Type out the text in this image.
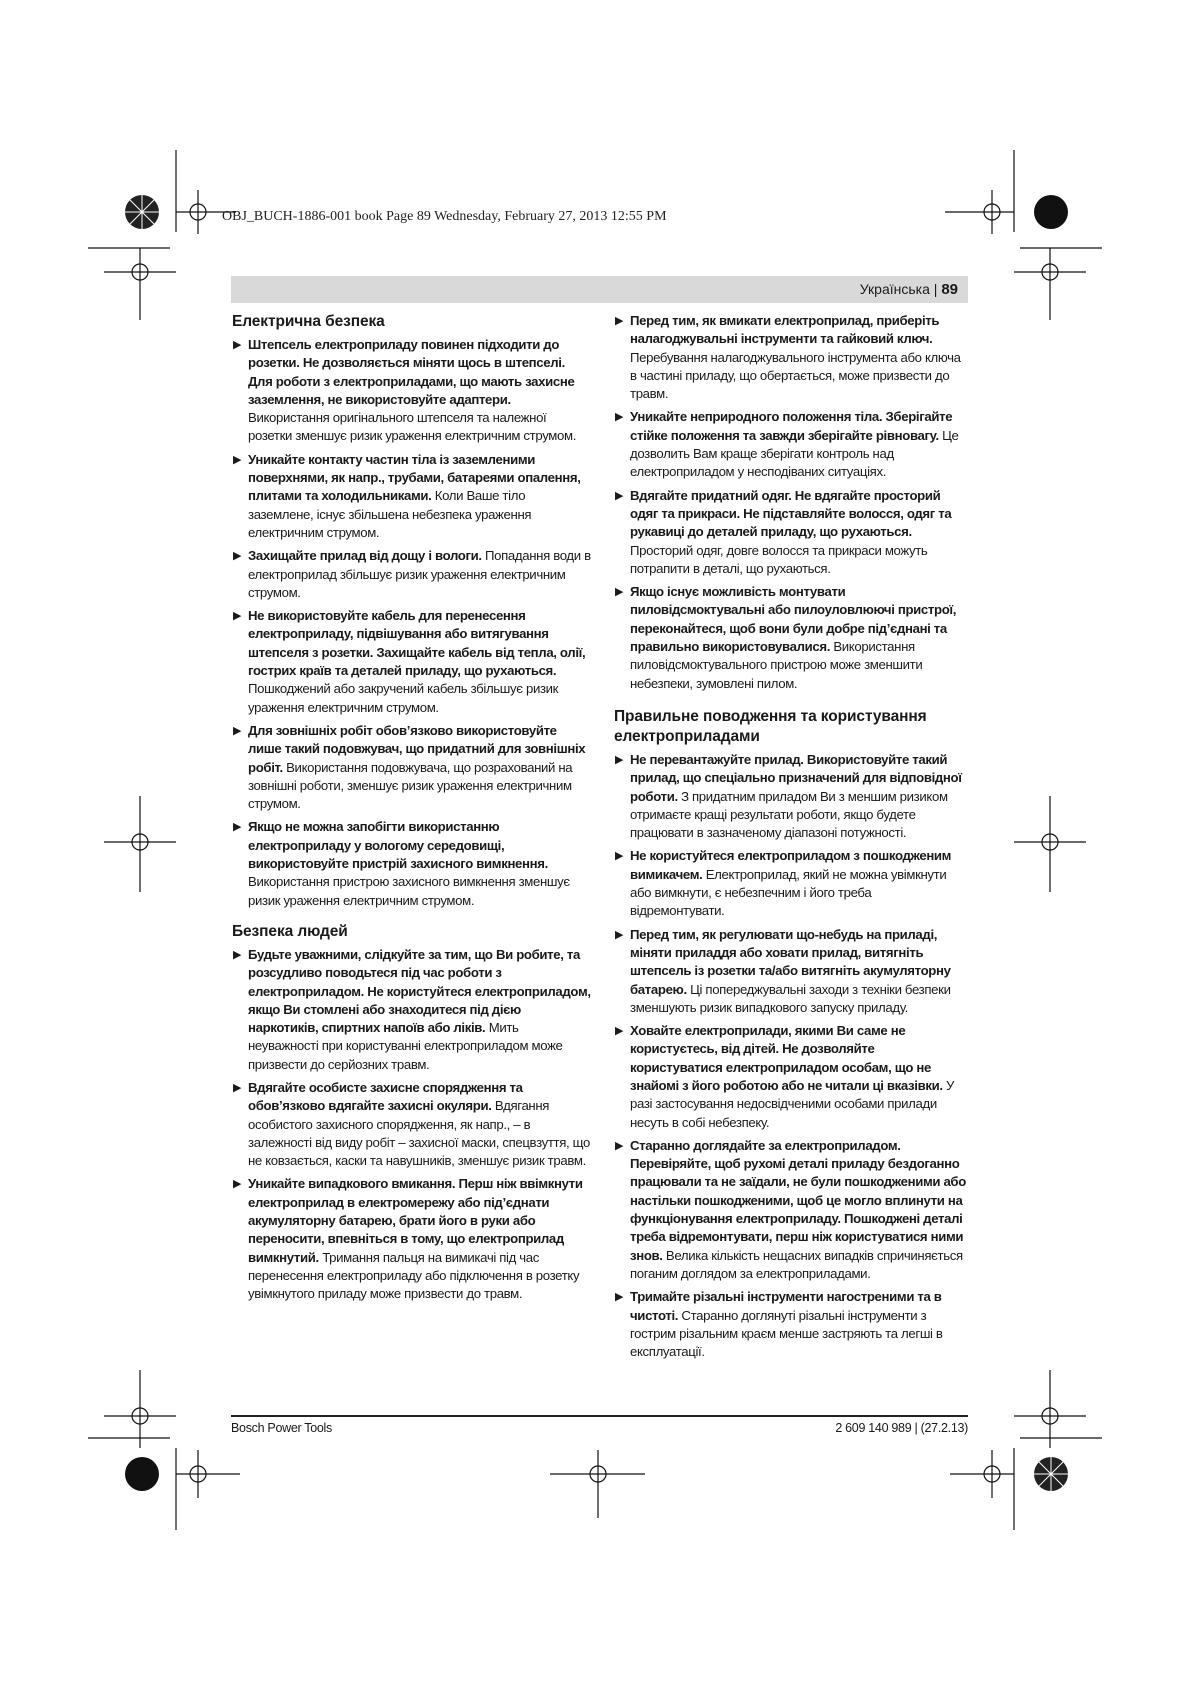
OBJ_BUCH-1886-001 book Page 89 Wednesday, February 27, 2013 12:55 PM
Українська | 89
Електрична безпека
▶ Штепсель електроприладу повинен підходити до розетки. Не дозволяється міняти щось в штепселі. Для роботи з електроприладами, що мають захисне заземлення, не використовуйте адаптери. Використання оригінального штепселя та належної розетки зменшує ризик ураження електричним струмом.
▶ Уникайте контакту частин тіла із заземленими поверхнями, як напр., трубами, батареями опалення, плитами та холодильниками. Коли Ваше тіло заземлене, існує збільшена небезпека ураження електричним струмом.
▶ Захищайте прилад від дощу і вологи. Попадання води в електроприлад збільшує ризик ураження електричним струмом.
▶ Не використовуйте кабель для перенесення електроприладу, підвішування або витягування штепселя з розетки. Захищайте кабель від тепла, олії, гострих країв та деталей приладу, що рухаються. Пошкоджений або закручений кабель збільшує ризик ураження електричним струмом.
▶ Для зовнішніх робіт обов’язково використовуйте лише такий подовжувач, що придатний для зовнішніх робіт. Використання подовжувача, що розрахований на зовнішні роботи, зменшує ризик ураження електричним струмом.
▶ Якщо не можна запобігти використанню електроприладу у вологому середовищі, використовуйте пристрій захисного вимкнення. Використання пристрою захисного вимкнення зменшує ризик ураження електричним струмом.
Безпека людей
▶ Будьте уважними, слідкуйте за тим, що Ви робите, та розсудливо поводьтеся під час роботи з електроприладом. Не користуйтеся електроприладом, якщо Ви стомлені або знаходитеся під дією наркотиків, спиртних напоїв або ліків. Мить неуважності при користуванні електроприладом може призвести до серйозних травм.
▶ Вдягайте особисте захисне спорядження та обов’язково вдягайте захисні окуляри. Вдягання особистого захисного спорядження, як напр., – в залежності від виду робіт – захисної маски, спецвзуття, що не ковзається, каски та навушників, зменшує ризик травм.
▶ Уникайте випадкового вмикання. Перш ніж ввімкнути електроприлад в електромережу або під’єднати акумуляторну батарею, брати його в руки або переносити, впевніться в тому, що електроприлад вимкнутий. Тримання пальця на вимикачі під час перенесення електроприладу або підключення в розетку увімкнутого приладу може призвести до травм.
▶ Перед тим, як вмикати електроприлад, приберіть налагоджувальні інструменти та гайковий ключ. Перебування налагоджувального інструмента або ключа в частині приладу, що обертається, може призвести до травм.
▶ Уникайте неприродного положення тіла. Зберігайте стійке положення та завжди зберігайте рівновагу. Це дозволить Вам краще зберігати контроль над електроприладом у несподіваних ситуаціях.
▶ Вдягайте придатний одяг. Не вдягайте просторий одяг та прикраси. Не підставляйте волосся, одяг та рукавиці до деталей приладу, що рухаються. Просторий одяг, довге волосся та прикраси можуть потрапити в деталі, що рухаються.
▶ Якщо існує можливість монтувати пиловідсмоктувальні або пилоуловлюючі пристрої, переконайтеся, щоб вони були добре під’єднані та правильно використовувалися. Використання пиловідсмоктувального пристрою може зменшити небезпеки, зумовлені пилом.
Правильне поводження та користування електроприладами
▶ Не перевантажуйте прилад. Використовуйте такий прилад, що спеціально призначений для відповідної роботи. З придатним приладом Ви з меншим ризиком отримаєте кращі результати роботи, якщо будете працювати в зазначеному діапазоні потужності.
▶ Не користуйтеся електроприладом з пошкодженим вимикачем. Електроприлад, який не можна увімкнути або вимкнути, є небезпечним і його треба відремонтувати.
▶ Перед тим, як регулювати що-небудь на приладі, міняти приладдя або ховати прилад, витягніть штепсель із розетки та/або витягніть акумуляторну батарею. Ці попереджувальні заходи з техніки безпеки зменшують ризик випадкового запуску приладу.
▶ Ховайте електроприлади, якими Ви саме не користуєтесь, від дітей. Не дозволяйте користуватися електроприладом особам, що не знайомі з його роботою або не читали ці вказівки. У разі застосування недосвідченими особами прилади несуть в собі небезпеку.
▶ Старанно доглядайте за електроприладом. Перевіряйте, щоб рухомі деталі приладу бездоганно працювали та не заїдали, не були пошкодженими або настільки пошкодженими, щоб це могло вплинути на функціонування електроприладу. Пошкоджені деталі треба відремонтувати, перш ніж користуватися ними знов. Велика кількість нещасних випадків спричиняється поганим доглядом за електроприладами.
▶ Тримайте різальні інструменти нагостреними та в чистоті. Старанно доглянуті різальні інструменти з гострим різальним краєм менше застряють та легші в експлуатації.
Bosch Power Tools	2 609 140 989 | (27.2.13)
